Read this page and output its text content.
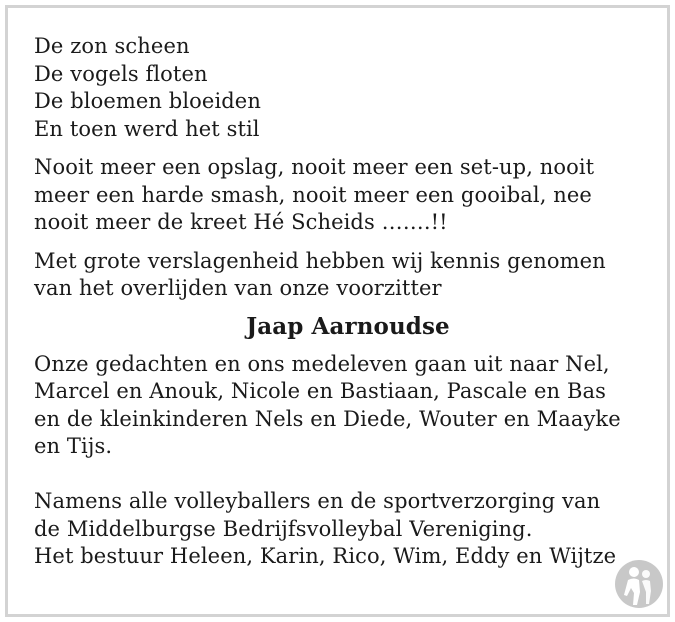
De zon scheen
De vogels floten
De bloemen bloeiden
En toen werd het stil
Nooit meer een opslag, nooit meer een set-up, nooit
meer een harde smash, nooit meer een gooibal, nee
nooit meer de kreet Hé Scheids …….!!
Met grote verslagenheid hebben wij kennis genomen
van het overlijden van onze voorzitter
Jaap Aarnoudse
Onze gedachten en ons medeleven gaan uit naar Nel,
Marcel en Anouk, Nicole en Bastiaan, Pascale en Bas
en de kleinkinderen Nels en Diede, Wouter en Maayke
en Tijs.
Namens alle volleyballers en de sportverzorging van
de Middelburgse Bedrijfsvolleybal Vereniging.
Het bestuur Heleen, Karin, Rico, Wim, Eddy en Wijtze
